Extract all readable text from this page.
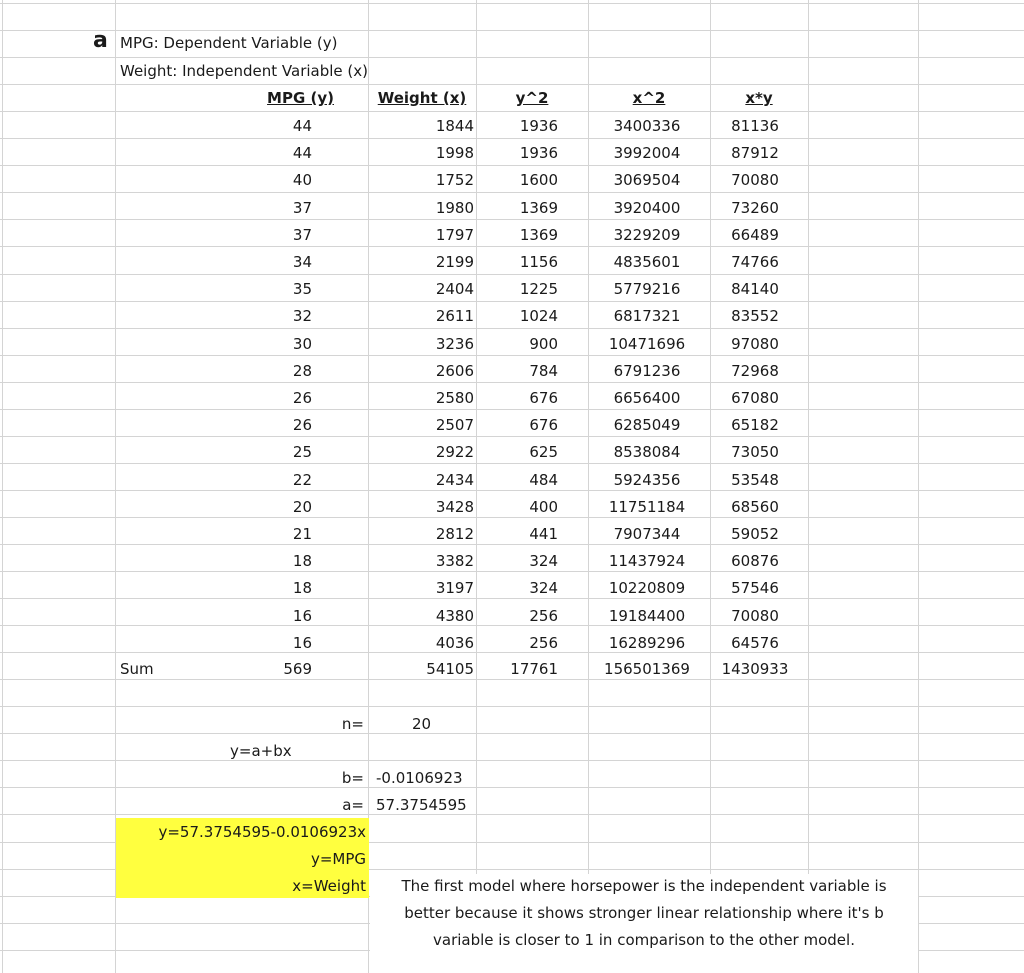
a MPG: Dependent Variable (y)
Weight: Independent Variable (x)
MPG (y)	Weight (x)	y^2	x^2	x*y
44	1844	1936	3400336	81136
44	1998	1936	3992004	87912
40	1752	1600	3069504	70080
37	1980	1369	3920400	73260
37	1797	1369	3229209	66489
34	2199	1156	4835601	74766
35	2404	1225	5779216	84140
32	2611	1024	6817321	83552
30	3236	900	10471696	97080
28	2606	784	6791236	72968
26	2580	676	6656400	67080
26	2507	676	6285049	65182
25	2922	625	8538084	73050
22	2434	484	5924356	53548
20	3428	400	11751184	68560
21	2812	441	7907344	59052
18	3382	324	11437924	60876
18	3197	324	10220809	57546
16	4380	256	19184400	70080
16	4036	256	16289296	64576
Sum	569	54105	17761	156501369	1430933
n=	20
y=a+bx
b= -0.0106923
a= 57.3754595
y=57.3754595-0.0106923x
y=MPG
x=Weight	The first model where horsepower is the independent variable is
better because it shows stronger linear relationship where it's b
variable is closer to 1 in comparison to the other model.
